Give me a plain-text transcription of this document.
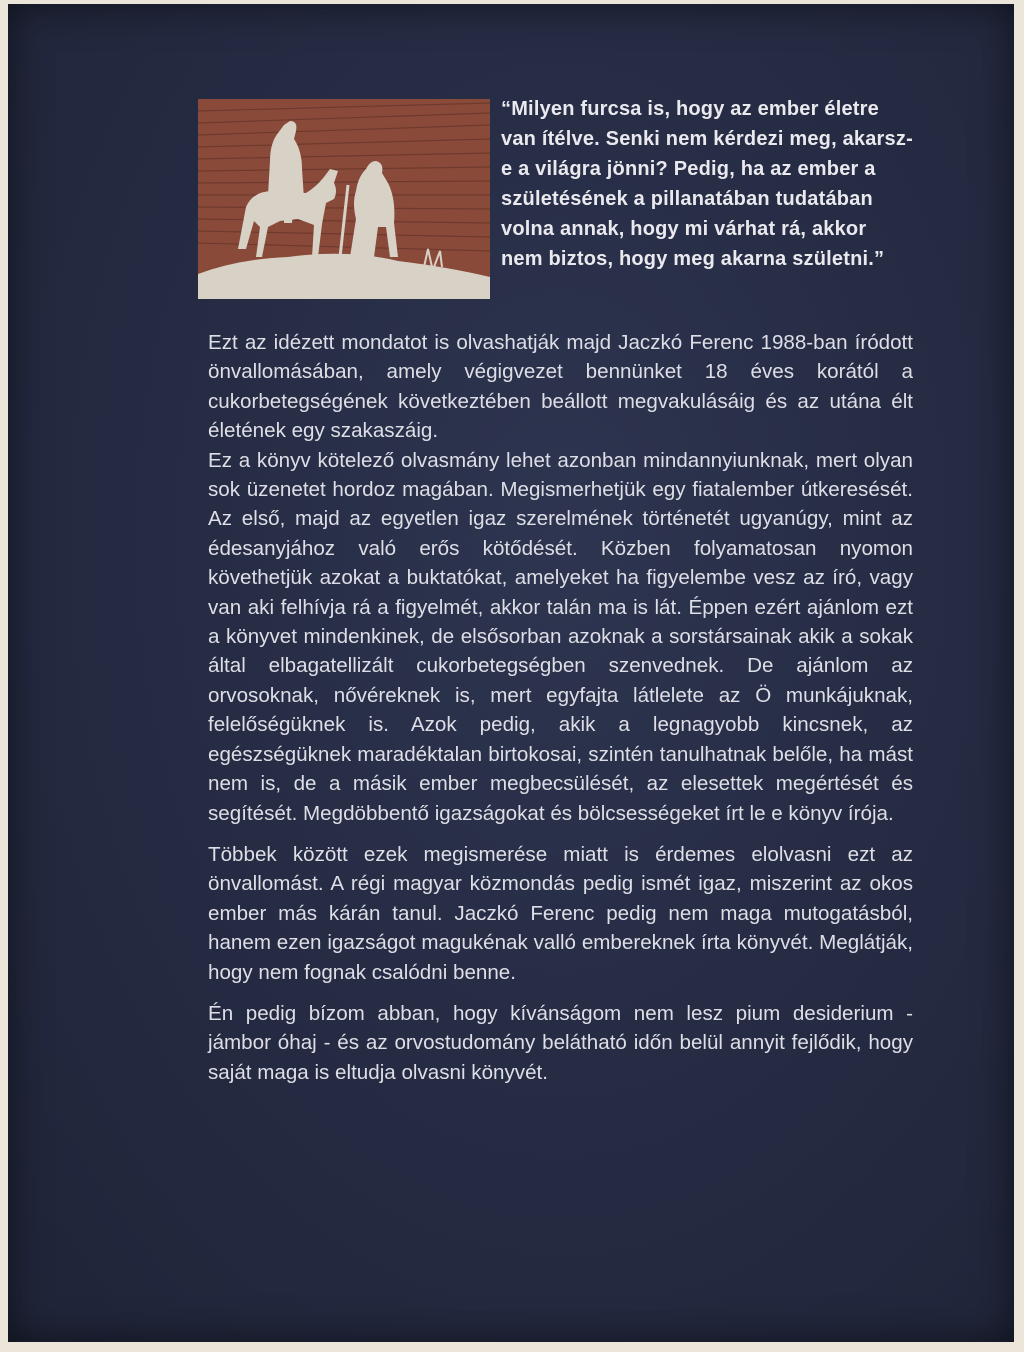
“Milyen furcsa is, hogy az ember életre van ítélve. Senki nem kérdezi meg, akarsz-e a világra jönni? Pedig, ha az ember a születésének a pillanatában tudatában volna annak, hogy mi várhat rá, akkor nem biztos, hogy meg akarna születni.”

Ezt az idézett mondatot is olvashatják majd Jaczkó Ferenc 1988-ban íródott önvallomásában, amely végigvezet bennünket 18 éves korától a cukorbetegségének következtében beállott megvakulásáig és az utána élt életének egy szakaszáig.

Ez a könyv kötelező olvasmány lehet azonban mindannyiunknak, mert olyan sok üzenetet hordoz magában. Megismerhetjük egy fiatalember útkeresését. Az első, majd az egyetlen igaz szerelmének történetét ugyanúgy, mint az édesanyjához való erős kötődését. Közben folyamatosan nyomon követhetjük azokat a buktatókat, amelyeket ha figyelembe vesz az író, vagy van aki felhívja rá a figyelmét, akkor talán ma is lát. Éppen ezért ajánlom ezt a könyvet mindenkinek, de elsősorban azoknak a sorstársainak akik a sokak által elbagatellizált cukorbetegségben szenvednek. De ajánlom az orvosoknak, nővéreknek is, mert egyfajta látlelete az Ö munkájuknak, felelőségüknek is. Azok pedig, akik a legnagyobb kincsnek, az egészségüknek maradéktalan birtokosai, szintén tanulhatnak belőle, ha mást nem is, de a másik ember megbecsülését, az elesettek megértését és segítését. Megdöbbentő igazságokat és bölcsességeket írt le e könyv írója.

Többek között ezek megismerése miatt is érdemes elolvasni ezt az önvallomást. A régi magyar közmondás pedig ismét igaz, miszerint az okos ember más kárán tanul. Jaczkó Ferenc pedig nem maga mutogatásból, hanem ezen igazságot magukénak valló embereknek írta könyvét. Meglátják, hogy nem fognak csalódni benne.

Én pedig bízom abban, hogy kívánságom nem lesz pium desiderium - jámbor óhaj - és az orvostudomány belátható időn belül annyit fejlődik, hogy saját maga is eltudja olvasni könyvét.
